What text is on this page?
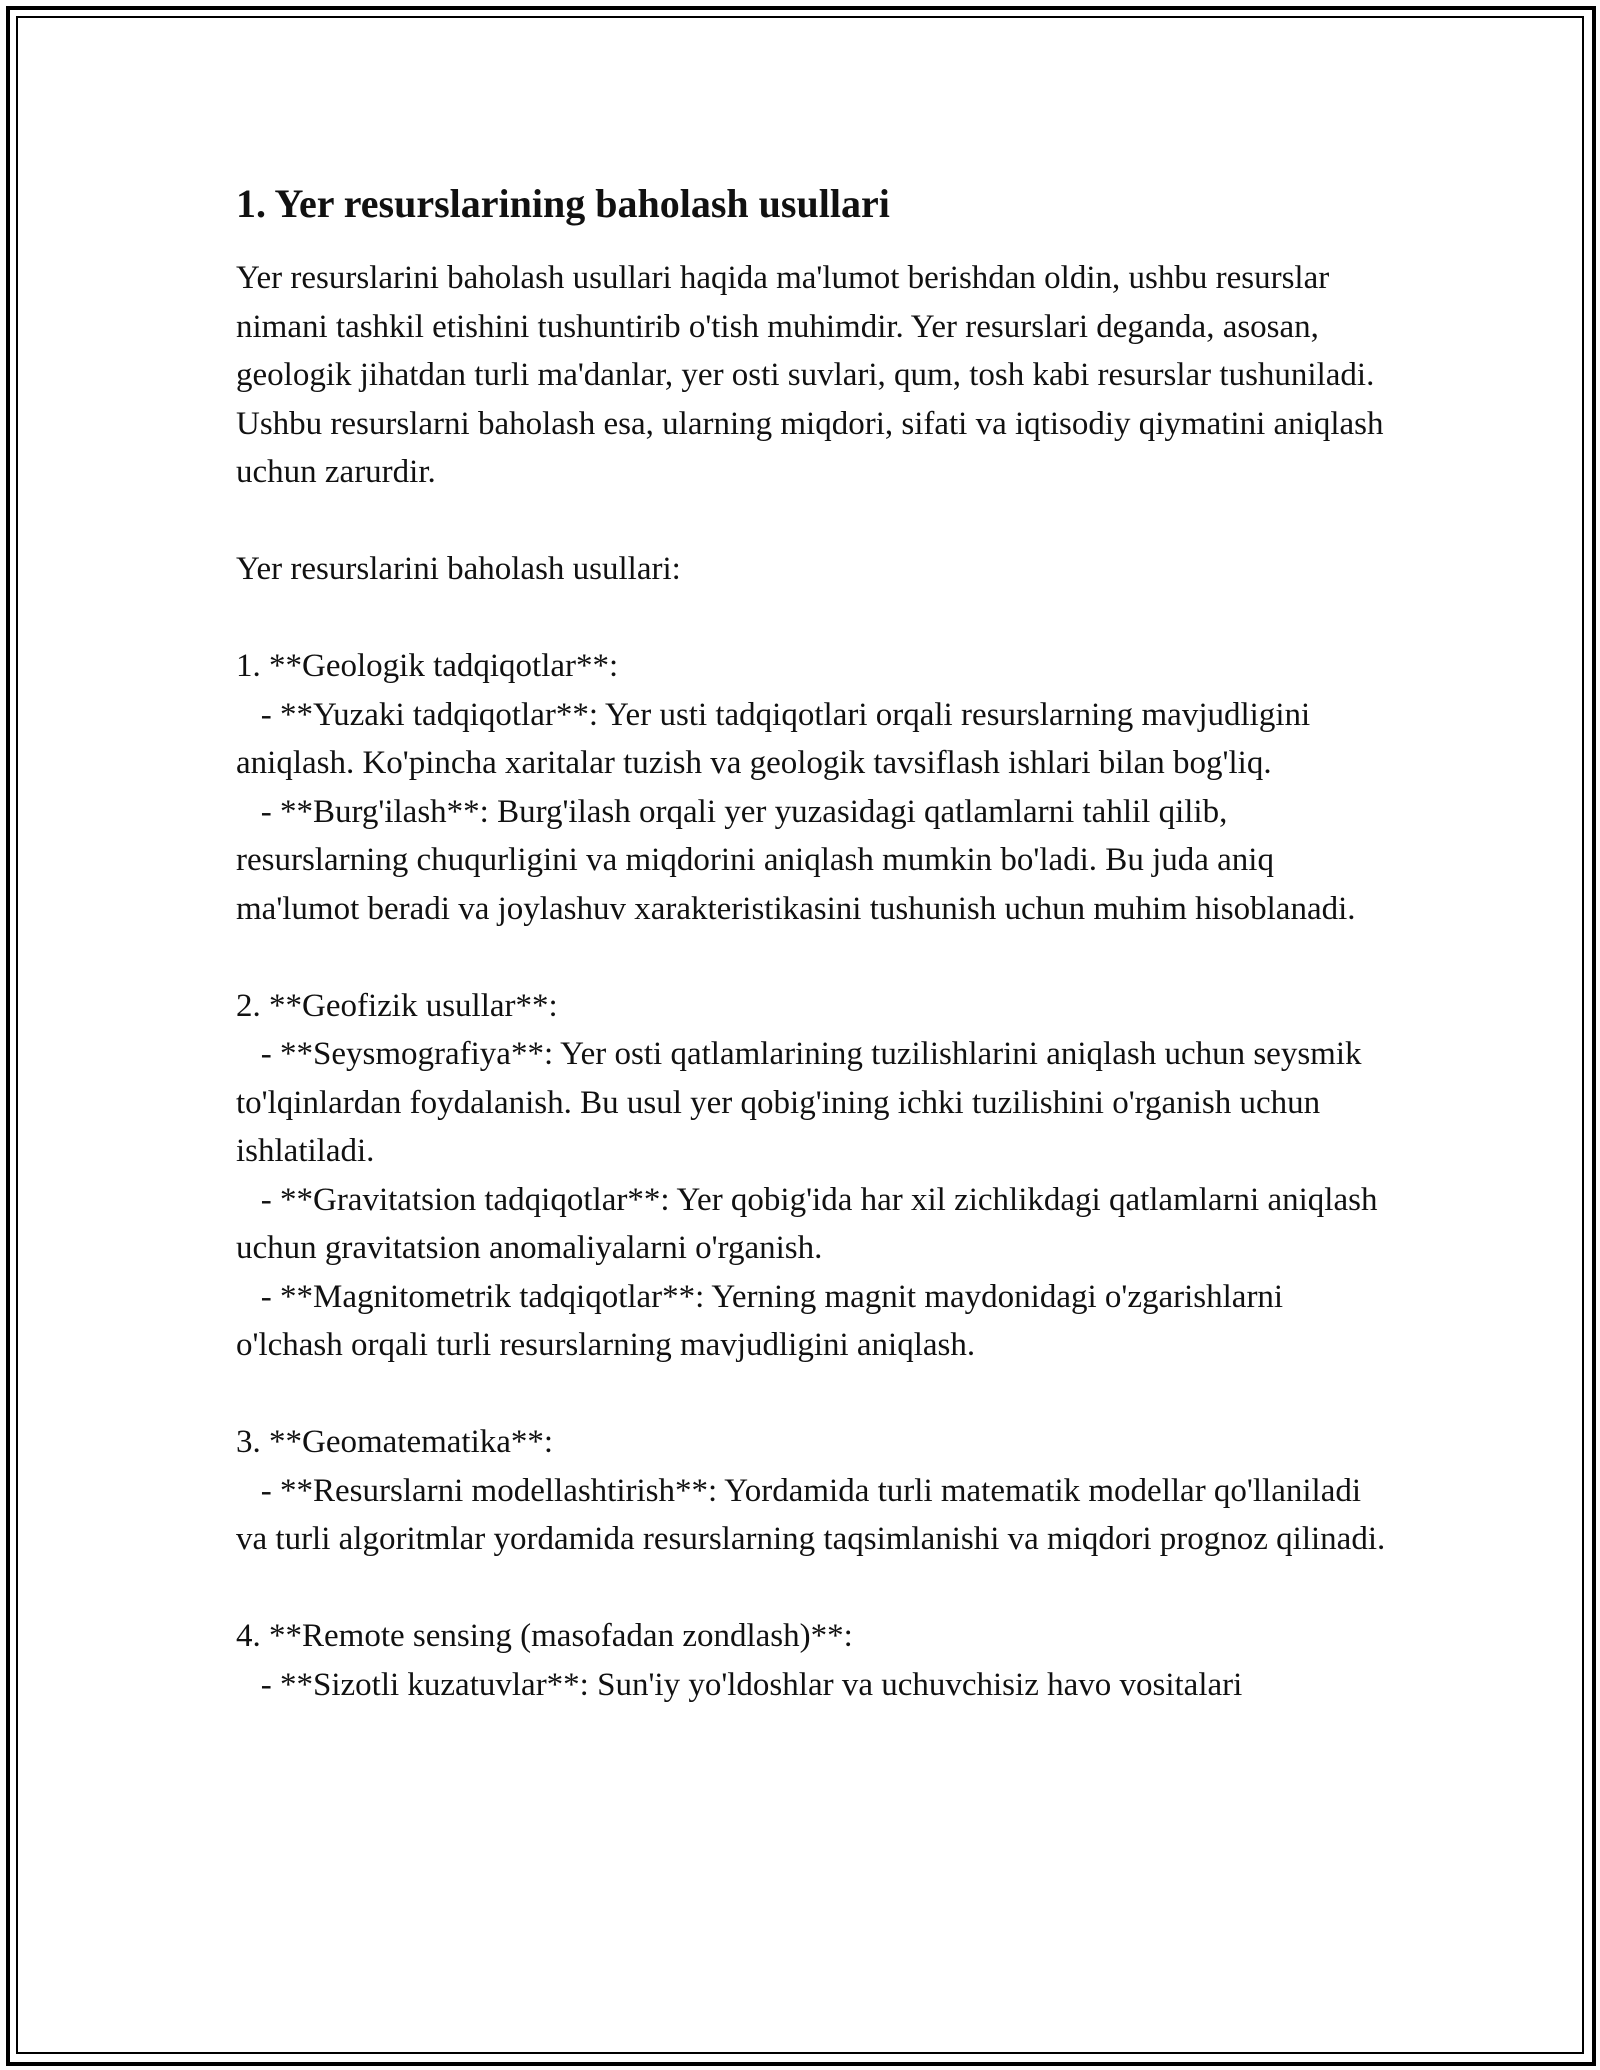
1. Yer resurslarining baholash usullari

Yer resurslarini baholash usullari haqida ma'lumot berishdan oldin, ushbu resurslar nimani tashkil etishini tushuntirib o'tish muhimdir. Yer resurslari deganda, asosan, geologik jihatdan turli ma'danlar, yer osti suvlari, qum, tosh kabi resurslar tushuniladi. Ushbu resurslarni baholash esa, ularning miqdori, sifati va iqtisodiy qiymatini aniqlash uchun zarurdir.

Yer resurslarini baholash usullari:

1. **Geologik tadqiqotlar**:

- **Yuzaki tadqiqotlar**: Yer usti tadqiqotlari orqali resurslarning mavjudligini aniqlash. Ko'pincha xaritalar tuzish va geologik tavsiflash ishlari bilan bog'liq.

- **Burg'ilash**: Burg'ilash orqali yer yuzasidagi qatlamlarni tahlil qilib, resurslarning chuqurligini va miqdorini aniqlash mumkin bo'ladi. Bu juda aniq ma'lumot beradi va joylashuv xarakteristikasini tushunish uchun muhim hisoblanadi.

2. **Geofizik usullar**:

- **Seysmografiya**: Yer osti qatlamlarining tuzilishlarini aniqlash uchun seysmik to'lqinlardan foydalanish. Bu usul yer qobig'ining ichki tuzilishini o'rganish uchun ishlatiladi.

- **Gravitatsion tadqiqotlar**: Yer qobig'ida har xil zichlikdagi qatlamlarni aniqlash uchun gravitatsion anomaliyalarni o'rganish.

- **Magnitometrik tadqiqotlar**: Yerning magnit maydonidagi o'zgarishlarni o'lchash orqali turli resurslarning mavjudligini aniqlash.

3. **Geomatematika**:

- **Resurslarni modellashtirish**: Yordamida turli matematik modellar qo'llaniladi va turli algoritmlar yordamida resurslarning taqsimlanishi va miqdori prognoz qilinadi.

4. **Remote sensing (masofadan zondlash)**:

- **Sizotli kuzatuvlar**: Sun'iy yo'ldoshlar va uchuvchisiz havo vositalari
